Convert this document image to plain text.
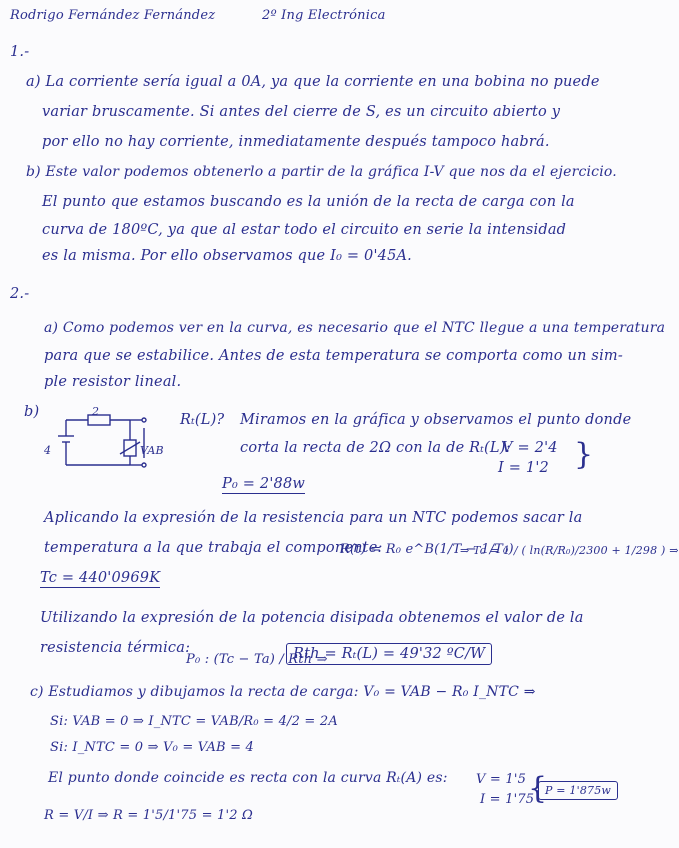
Rodrigo Fernández Fernández	2º Ing Electrónica
1.-
a) La corriente sería igual a 0A, ya que la corriente en una bobina no puede
variar bruscamente. Si antes del cierre de S, es un circuito abierto y
por ello no hay corriente, inmediatamente después tampoco habrá.
b) Este valor podemos obtenerlo a partir de la gráfica I-V que nos da el ejercicio.
El punto que estamos buscando es la unión de la recta de carga con la
curva de 180ºC, ya que al estar todo el circuito en serie la intensidad
es la misma. Por ello observamos que I₀ = 0'45A.
2.-
a) Como podemos ver en la curva, es necesario que el NTC llegue a una temperatura
para que se estabilice. Antes de esta temperatura se comporta como un sim-
ple resistor lineal.
b)	2
4	VAB
Rₜ(L)? Miramos en la gráfica y observamos el punto donde
corta la recta de 2Ω con la de Rₜ(L):
V = 2'4
I = 1'2 }
P₀ = 2'88w
Aplicando la expresión de la resistencia para un NTC podemos sacar la
temperatura a la que trabaja el componente:
R(t) = R₀ e^B(1/T − 1/T₀)
⇒ Tc = 1 / ( ln(R/R₀)/2300 + 1/298 ) ⇒
Tc = 440'0969K
Utilizando la expresión de la potencia disipada obtenemos el valor de la
resistencia térmica:
P₀ : (Tc − Ta) / Rth ⇒
Rth = Rₜ(L) = 49'32 ºC/W
c) Estudiamos y dibujamos la recta de carga: V₀ = VAB − R₀ I_NTC ⇒
Si: VAB = 0 ⇒ I_NTC = VAB/R₀ = 4/2 = 2A
Si: I_NTC = 0 ⇒ V₀ = VAB = 4
El punto donde coincide es recta con la curva Rₜ(A) es: V = 1'5
I = 1'75
{
P = 1'875w
R = V/I ⇒ R = 1'5/1'75 = 1'2 Ω
